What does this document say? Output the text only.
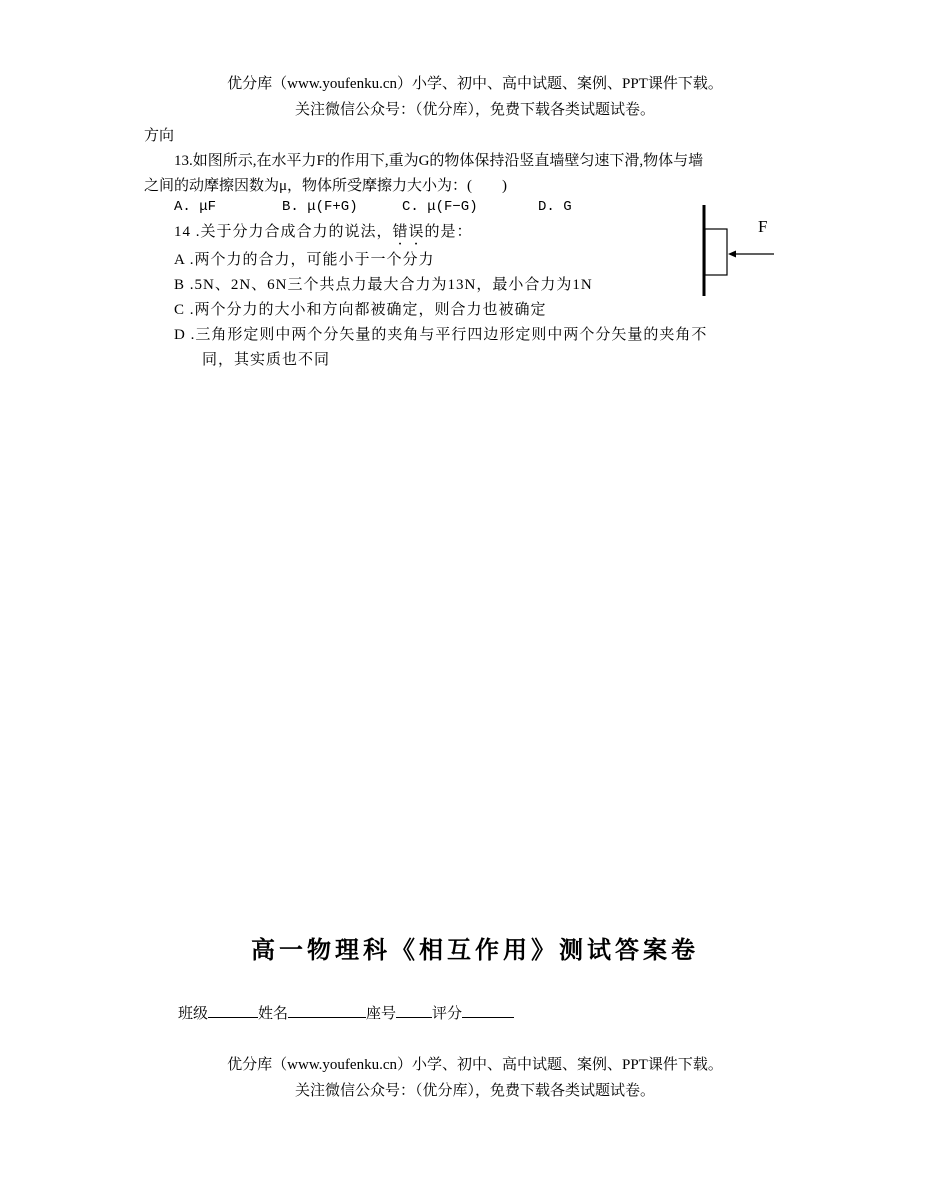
优分库（www.youfenku.cn）小学、初中、高中试题、案例、PPT课件下载。
关注微信公众号：（优分库），免费下载各类试题试卷。
方向
13.如图所示,在水平力F的作用下,重为G的物体保持沿竖直墙壁匀速下滑,物体与墙
之间的动摩擦因数为μ，物体所受摩擦力大小为：(　　)
A. μF	B. μ(F+G)	C. μ(F−G)	D. G
F
14 .关于分力合成合力的说法，错误的是：
A .两个力的合力，可能小于一个分力
B .5N、2N、6N三个共点力最大合力为13N，最小合力为1N
C .两个分力的大小和方向都被确定，则合力也被确定
D .三角形定则中两个分矢量的夹角与平行四边形定则中两个分矢量的夹角不
同，其实质也不同
高一物理科《相互作用》测试答案卷
班级	姓名	座号 评分
优分库（www.youfenku.cn）小学、初中、高中试题、案例、PPT课件下载。
关注微信公众号：（优分库），免费下载各类试题试卷。
